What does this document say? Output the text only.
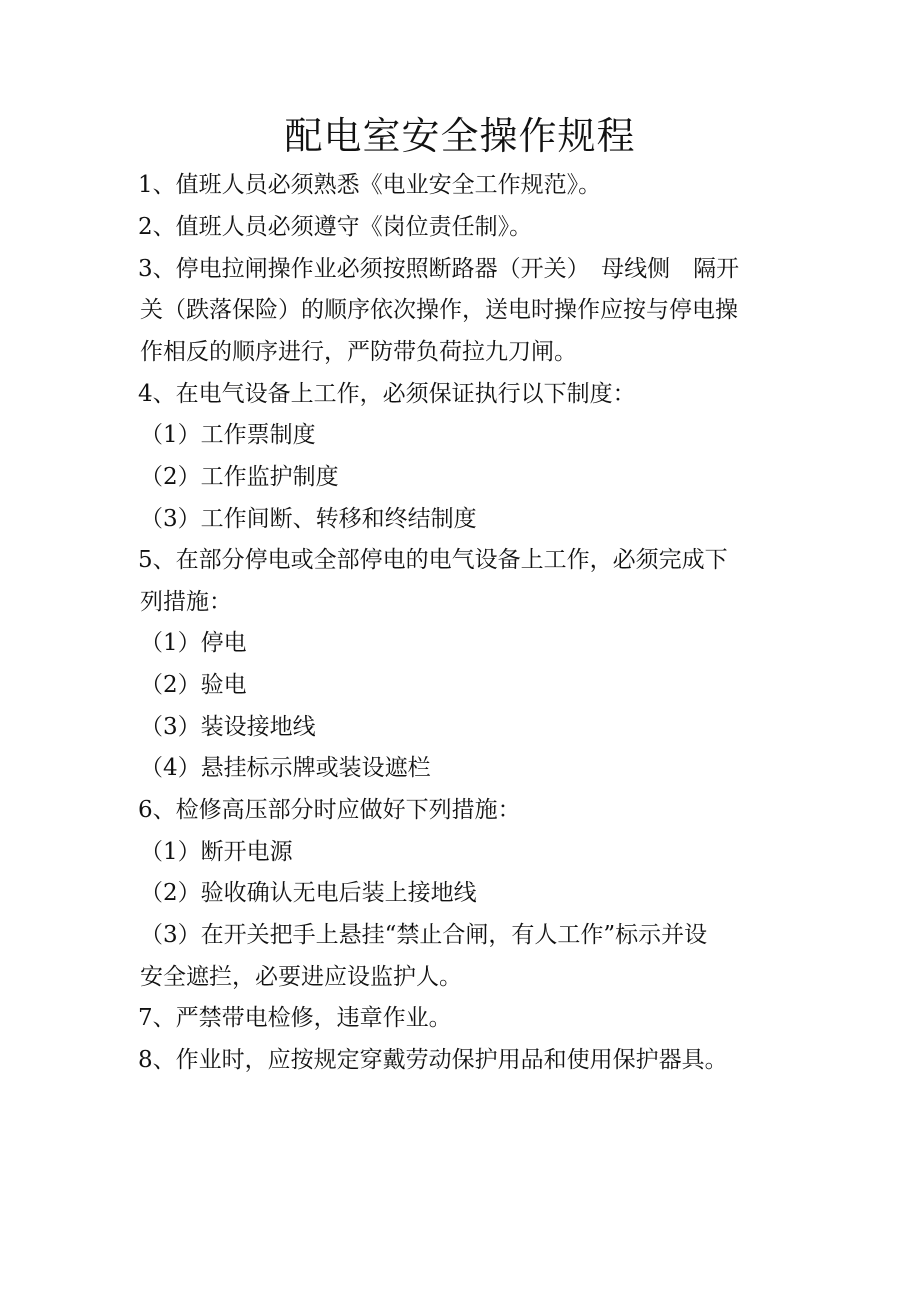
配电室安全操作规程
1、值班人员必须熟悉《电业安全工作规范》。
2、值班人员必须遵守《岗位责任制》。
3、停电拉闸操作业必须按照断路器（开关）　母线侧　隔开
关（跌落保险）的顺序依次操作，送电时操作应按与停电操
作相反的顺序进行，严防带负荷拉九刀闸。
4、在电气设备上工作，必须保证执行以下制度：
（1）工作票制度
（2）工作监护制度
（3）工作间断、转移和终结制度
5、在部分停电或全部停电的电气设备上工作，必须完成下
列措施：
（1）停电
（2）验电
（3）装设接地线
（4）悬挂标示牌或装设遮栏
6、检修高压部分时应做好下列措施：
（1）断开电源
（2）验收确认无电后装上接地线
（3）在开关把手上悬挂“禁止合闸，有人工作”标示并设
安全遮拦，必要进应设监护人。
7、严禁带电检修，违章作业。
8、作业时，应按规定穿戴劳动保护用品和使用保护器具。
